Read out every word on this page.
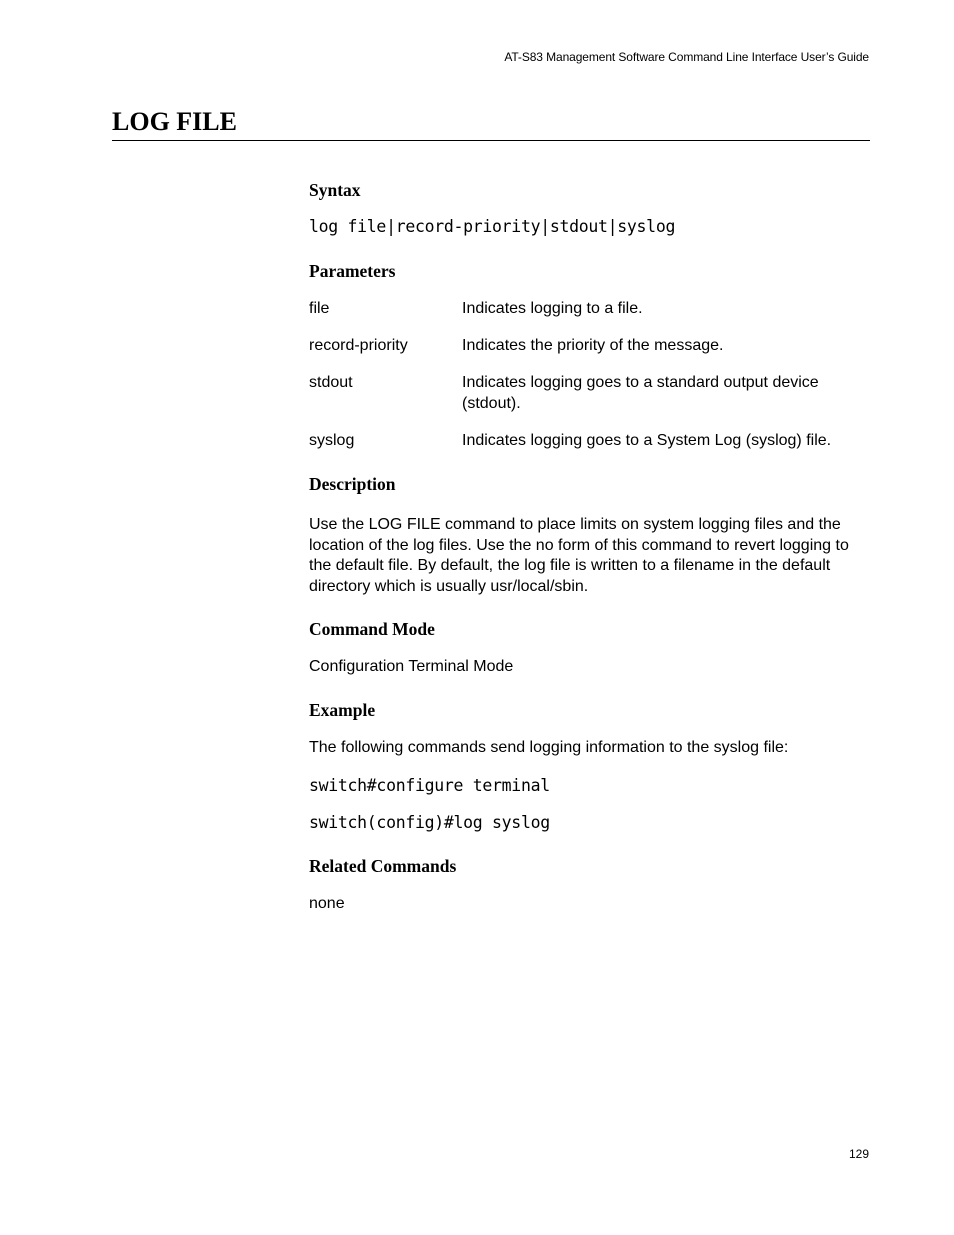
AT-S83 Management Software Command Line Interface User’s Guide
LOG FILE
Syntax
log file|record-priority|stdout|syslog
Parameters
file	Indicates logging to a file.
record-priority	Indicates the priority of the message.
stdout	Indicates logging goes to a standard output device (stdout).
syslog	Indicates logging goes to a System Log (syslog) file.
Description

Use the LOG FILE command to place limits on system logging files and the location of the log files. Use the no form of this command to revert logging to the default file. By default, the log file is written to a filename in the default directory which is usually usr/local/sbin.

Command Mode
Configuration Terminal Mode
Example
The following commands send logging information to the syslog file:
switch#configure terminal
switch(config)#log syslog
Related Commands
none
129
